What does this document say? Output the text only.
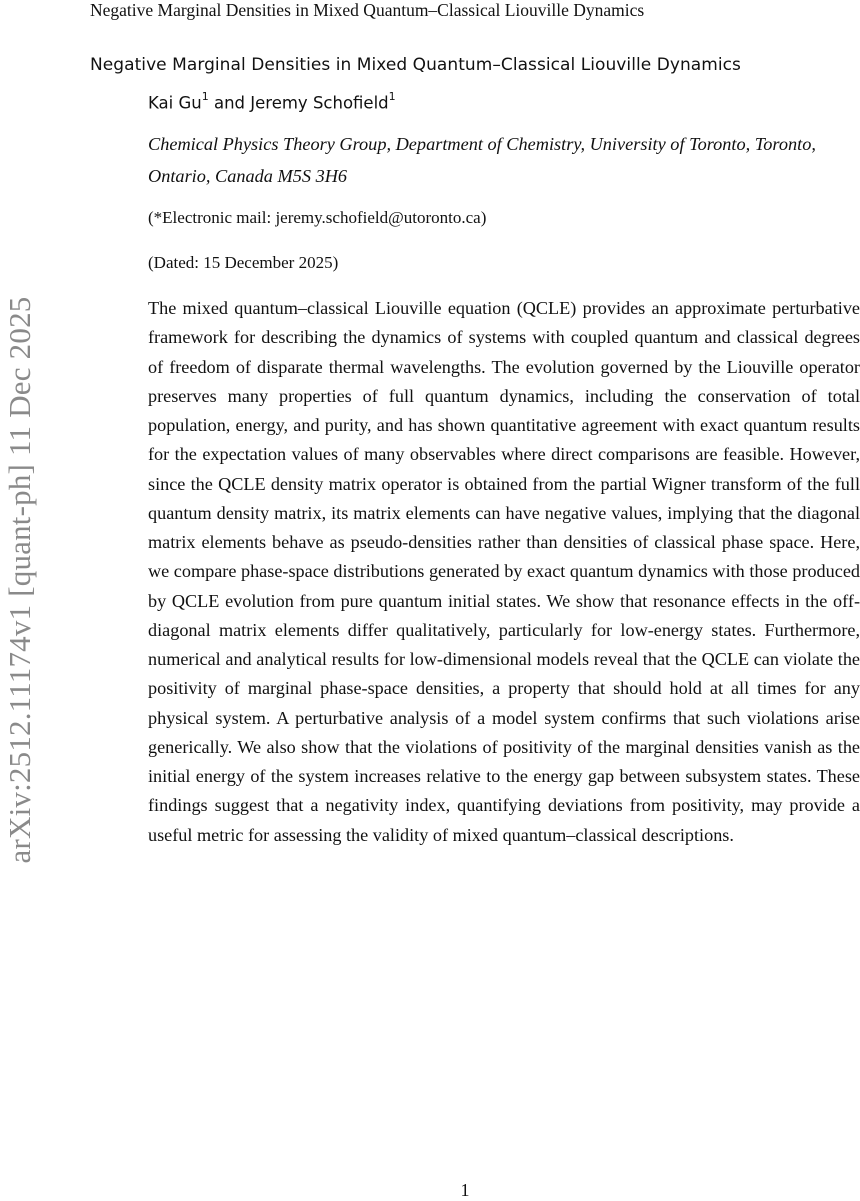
Negative Marginal Densities in Mixed Quantum–Classical Liouville Dynamics
arXiv:2512.11174v1 [quant-ph] 11 Dec 2025
Negative Marginal Densities in Mixed Quantum–Classical Liouville Dynamics
Kai Gu$^1$ and Jeremy Schofield$^1$
Chemical Physics Theory Group, Department of Chemistry, University of Toronto, Toronto, Ontario, Canada M5S 3H6
(*Electronic mail: jeremy.schofield@utoronto.ca)
(Dated: 15 December 2025)

The mixed quantum–classical Liouville equation (QCLE) provides an approximate perturbative framework for describing the dynamics of systems with coupled quantum and classical degrees of freedom of disparate thermal wavelengths. The evolution governed by the Liouville operator preserves many properties of full quantum dynamics, including the conservation of total population, energy, and purity, and has shown quantitative agreement with exact quantum results for the expectation values of many observables where direct comparisons are feasible. However, since the QCLE density matrix operator is obtained from the partial Wigner transform of the full quantum density matrix, its matrix elements can have negative values, implying that the diagonal matrix elements behave as pseudo-densities rather than densities of classical phase space. Here, we compare phase-space distributions generated by exact quantum dynamics with those produced by QCLE evolution from pure quantum initial states. We show that resonance effects in the off-diagonal matrix elements differ qualitatively, particularly for low-energy states. Furthermore, numerical and analytical results for low-dimensional models reveal that the QCLE can violate the positivity of marginal phase-space densities, a property that should hold at all times for any physical system. A perturbative analysis of a model system confirms that such violations arise generically. We also show that the violations of positivity of the marginal densities vanish as the initial energy of the system increases relative to the energy gap between subsystem states. These findings suggest that a negativity index, quantifying deviations from positivity, may provide a useful metric for assessing the validity of mixed quantum–classical descriptions.

1
